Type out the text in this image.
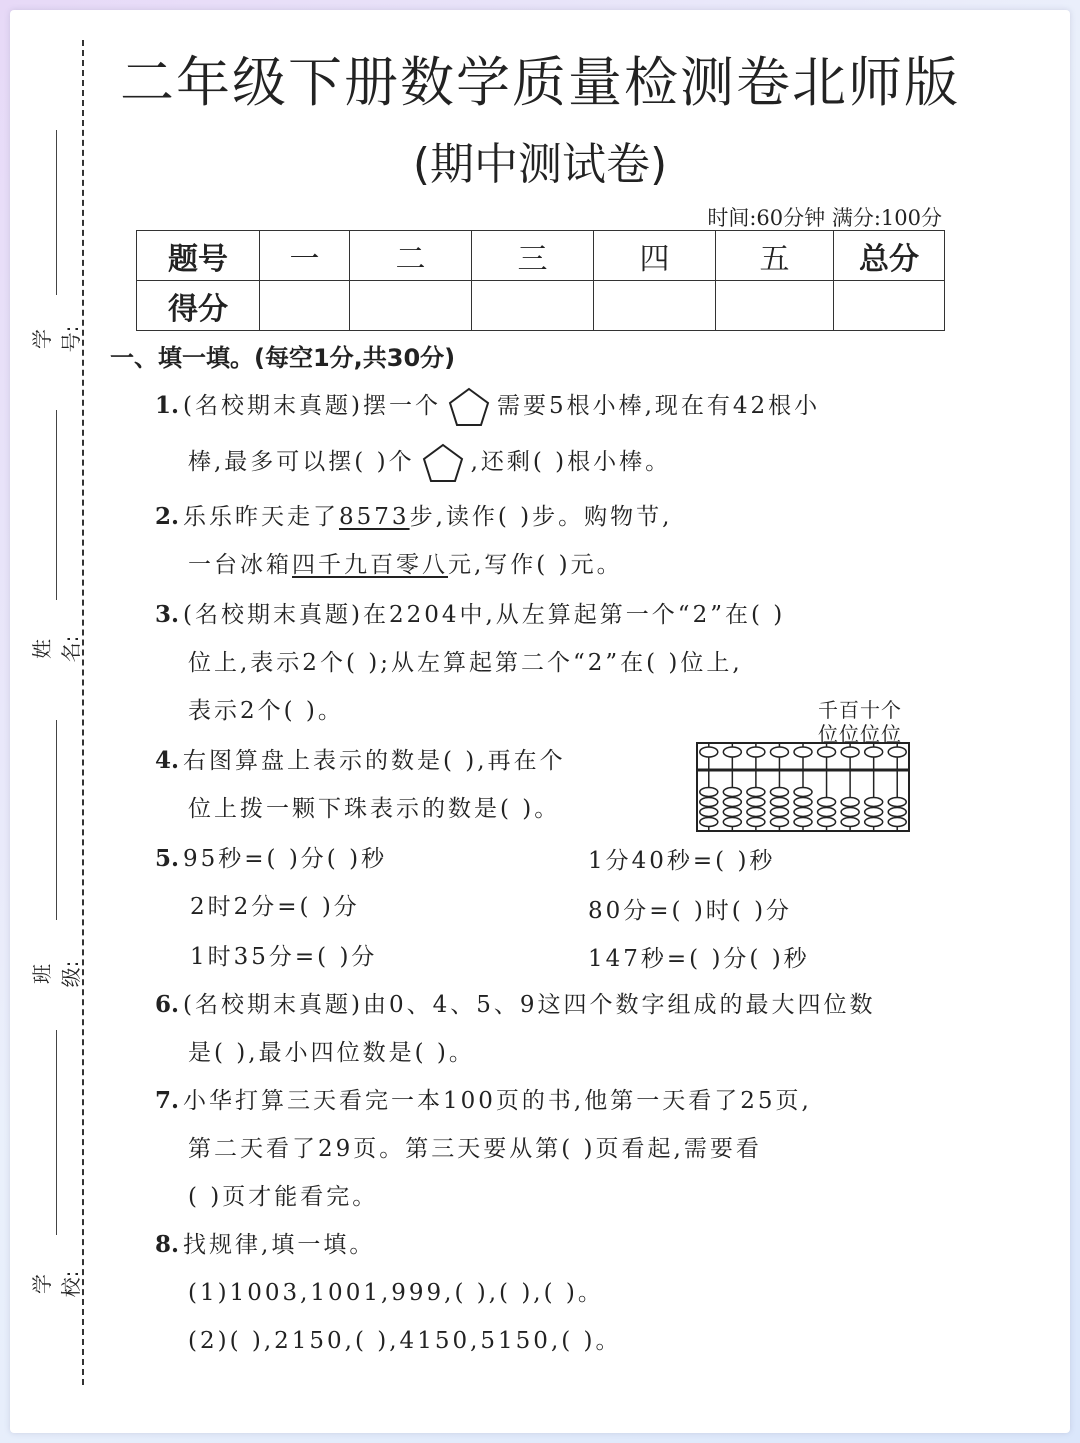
学号:
姓名:
班级:
学校:
二年级下册数学质量检测卷北师版
(期中测试卷)
时间:60分钟 满分:100分
题号	一	二	三	四	五	总分
得分						
一、填一填。(每空1分,共30分)
1. (名校期末真题)摆一个 需要5根小棒,现在有42根小
棒,最多可以摆( )个 ,还剩( )根小棒。
2. 乐乐昨天走了8573步,读作( )步。购物节,
一台冰箱四千九百零八元,写作( )元。
3. (名校期末真题)在2204中,从左算起第一个“2”在( )
位上,表示2个( );从左算起第二个“2”在( )位上,
表示2个( )。	千百十个
位位位位
4. 右图算盘上表示的数是( ),再在个
位上拨一颗下珠表示的数是( )。
5. 95秒=( )分( )秒	1分40秒=( )秒
2时2分=( )分	80分=( )时( )分
1时35分=( )分	147秒=( )分( )秒
6. (名校期末真题)由0、4、5、9这四个数字组成的最大四位数
是( ),最小四位数是( )。
7. 小华打算三天看完一本100页的书,他第一天看了25页,
第二天看了29页。第三天要从第( )页看起,需要看
( )页才能看完。
8. 找规律,填一填。
(1)1003,1001,999,( ),( ),( )。
(2)( ),2150,( ),4150,5150,( )。
